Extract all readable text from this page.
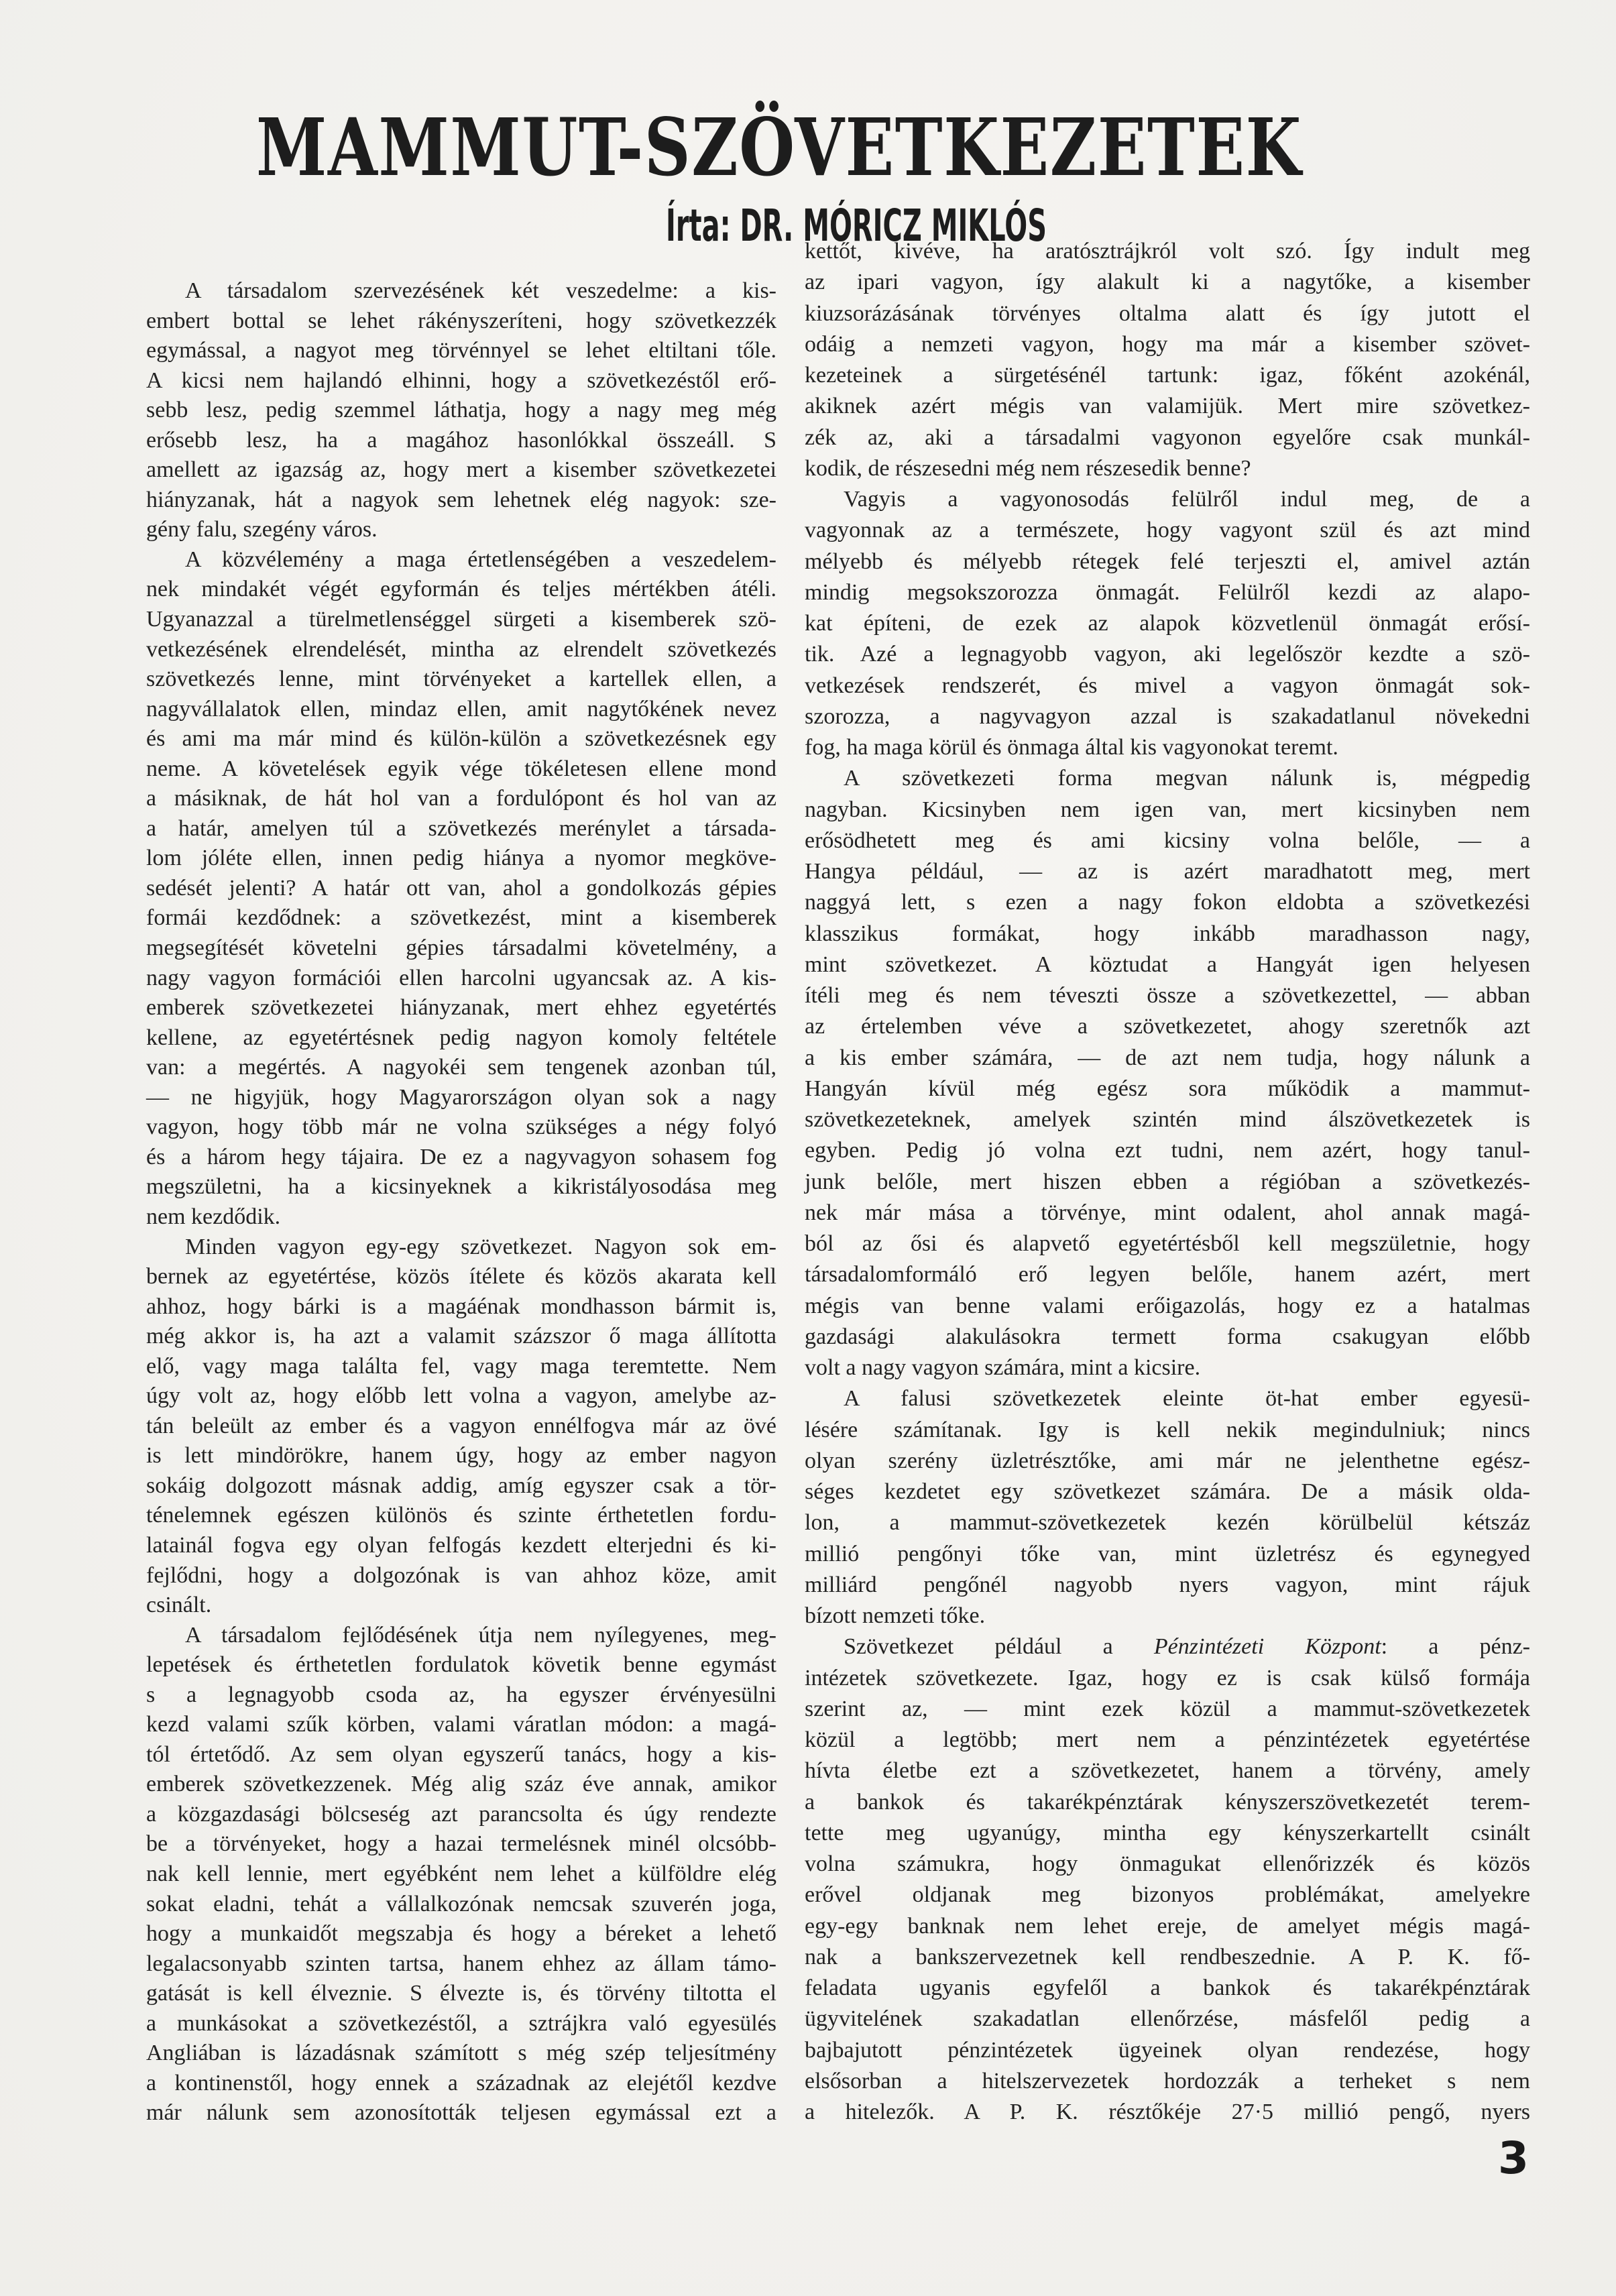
MAMMUT-SZÖVETKEZETEK
Írta: DR. MÓRICZ MIKLÓS
A társadalom szervezésének két veszedelme: a kis-
embert bottal se lehet rákényszeríteni, hogy szövetkezzék
egymással, a nagyot meg törvénnyel se lehet eltiltani tőle.
A kicsi nem hajlandó elhinni, hogy a szövetkezéstől erő-
sebb lesz, pedig szemmel láthatja, hogy a nagy meg még
erősebb lesz, ha a magához hasonlókkal összeáll. S
amellett az igazság az, hogy mert a kisember szövetkezetei
hiányzanak, hát a nagyok sem lehetnek elég nagyok: sze-
gény falu, szegény város.
A közvélemény a maga értetlenségében a veszedelem-
nek mindakét végét egyformán és teljes mértékben átéli.
Ugyanazzal a türelmetlenséggel sürgeti a kisemberek szö-
vetkezésének elrendelését, mintha az elrendelt szövetkezés
szövetkezés lenne, mint törvényeket a kartellek ellen, a
nagyvállalatok ellen, mindaz ellen, amit nagytőkének nevez
és ami ma már mind és külön-külön a szövetkezésnek egy
neme. A követelések egyik vége tökéletesen ellene mond
a másiknak, de hát hol van a fordulópont és hol van az
a határ, amelyen túl a szövetkezés merénylet a társada-
lom jóléte ellen, innen pedig hiánya a nyomor megköve-
sedését jelenti? A határ ott van, ahol a gondolkozás gépies
formái kezdődnek: a szövetkezést, mint a kisemberek
megsegítését követelni gépies társadalmi követelmény, a
nagy vagyon formációi ellen harcolni ugyancsak az. A kis-
emberek szövetkezetei hiányzanak, mert ehhez egyetértés
kellene, az egyetértésnek pedig nagyon komoly feltétele
van: a megértés. A nagyokéi sem tengenek azonban túl,
— ne higyjük, hogy Magyarországon olyan sok a nagy
vagyon, hogy több már ne volna szükséges a négy folyó
és a három hegy tájaira. De ez a nagyvagyon sohasem fog
megszületni, ha a kicsinyeknek a kikristályosodása meg
nem kezdődik.
Minden vagyon egy-egy szövetkezet. Nagyon sok em-
bernek az egyetértése, közös ítélete és közös akarata kell
ahhoz, hogy bárki is a magáénak mondhasson bármit is,
még akkor is, ha azt a valamit százszor ő maga állította
elő, vagy maga találta fel, vagy maga teremtette. Nem
úgy volt az, hogy előbb lett volna a vagyon, amelybe az-
tán beleült az ember és a vagyon ennélfogva már az övé
is lett mindörökre, hanem úgy, hogy az ember nagyon
sokáig dolgozott másnak addig, amíg egyszer csak a tör-
ténelemnek egészen különös és szinte érthetetlen fordu-
latainál fogva egy olyan felfogás kezdett elterjedni és ki-
fejlődni, hogy a dolgozónak is van ahhoz köze, amit
csinált.
A társadalom fejlődésének útja nem nyílegyenes, meg-
lepetések és érthetetlen fordulatok követik benne egymást
s a legnagyobb csoda az, ha egyszer érvényesülni
kezd valami szűk körben, valami váratlan módon: a magá-
tól értetődő. Az sem olyan egyszerű tanács, hogy a kis-
emberek szövetkezzenek. Még alig száz éve annak, amikor
a közgazdasági bölcseség azt parancsolta és úgy rendezte
be a törvényeket, hogy a hazai termelésnek minél olcsóbb-
nak kell lennie, mert egyébként nem lehet a külföldre elég
sokat eladni, tehát a vállalkozónak nemcsak szuverén joga,
hogy a munkaidőt megszabja és hogy a béreket a lehető
legalacsonyabb szinten tartsa, hanem ehhez az állam támo-
gatását is kell élveznie. S élvezte is, és törvény tiltotta el
a munkásokat a szövetkezéstől, a sztrájkra való egyesülés
Angliában is lázadásnak számított s még szép teljesítmény
a kontinenstől, hogy ennek a századnak az elejétől kezdve
már nálunk sem azonosították teljesen egymással ezt a
kettőt, kivéve, ha aratósztrájkról volt szó. Így indult meg
az ipari vagyon, így alakult ki a nagytőke, a kisember
kiuzsorázásának törvényes oltalma alatt és így jutott el
odáig a nemzeti vagyon, hogy ma már a kisember szövet-
kezeteinek a sürgetésénél tartunk: igaz, főként azokénál,
akiknek azért mégis van valamijük. Mert mire szövetkez-
zék az, aki a társadalmi vagyonon egyelőre csak munkál-
kodik, de részesedni még nem részesedik benne?
Vagyis a vagyonosodás felülről indul meg, de a
vagyonnak az a természete, hogy vagyont szül és azt mind
mélyebb és mélyebb rétegek felé terjeszti el, amivel aztán
mindig megsokszorozza önmagát. Felülről kezdi az alapo-
kat építeni, de ezek az alapok közvetlenül önmagát erősí-
tik. Azé a legnagyobb vagyon, aki legelőször kezdte a szö-
vetkezések rendszerét, és mivel a vagyon önmagát sok-
szorozza, a nagyvagyon azzal is szakadatlanul növekedni
fog, ha maga körül és önmaga által kis vagyonokat teremt.
A szövetkezeti forma megvan nálunk is, mégpedig
nagyban. Kicsinyben nem igen van, mert kicsinyben nem
erősödhetett meg és ami kicsiny volna belőle, — a
Hangya például, — az is azért maradhatott meg, mert
naggyá lett, s ezen a nagy fokon eldobta a szövetkezési
klasszikus formákat, hogy inkább maradhasson nagy,
mint szövetkezet. A köztudat a Hangyát igen helyesen
ítéli meg és nem téveszti össze a szövetkezettel, — abban
az értelemben véve a szövetkezetet, ahogy szeretnők azt
a kis ember számára, — de azt nem tudja, hogy nálunk a
Hangyán kívül még egész sora működik a mammut-
szövetkezeteknek, amelyek szintén mind álszövetkezetek is
egyben. Pedig jó volna ezt tudni, nem azért, hogy tanul-
junk belőle, mert hiszen ebben a régióban a szövetkezés-
nek már mása a törvénye, mint odalent, ahol annak magá-
ból az ősi és alapvető egyetértésből kell megszületnie, hogy
társadalomformáló erő legyen belőle, hanem azért, mert
mégis van benne valami erőigazolás, hogy ez a hatalmas
gazdasági alakulásokra termett forma csakugyan előbb
volt a nagy vagyon számára, mint a kicsire.
A falusi szövetkezetek eleinte öt-hat ember egyesü-
lésére számítanak. Igy is kell nekik megindulniuk; nincs
olyan szerény üzletrésztőke, ami már ne jelenthetne egész-
séges kezdetet egy szövetkezet számára. De a másik olda-
lon, a mammut-szövetkezetek kezén körülbelül kétszáz
millió pengőnyi tőke van, mint üzletrész és egynegyed
milliárd pengőnél nagyobb nyers vagyon, mint rájuk
bízott nemzeti tőke.
Szövetkezet például a Pénzintézeti Központ: a pénz-
intézetek szövetkezete. Igaz, hogy ez is csak külső formája
szerint az, — mint ezek közül a mammut-szövetkezetek
közül a legtöbb; mert nem a pénzintézetek egyetértése
hívta életbe ezt a szövetkezetet, hanem a törvény, amely
a bankok és takarékpénztárak kényszerszövetkezetét terem-
tette meg ugyanúgy, mintha egy kényszerkartellt csinált
volna számukra, hogy önmagukat ellenőrizzék és közös
erővel oldjanak meg bizonyos problémákat, amelyekre
egy-egy banknak nem lehet ereje, de amelyet mégis magá-
nak a bankszervezetnek kell rendbeszednie. A P. K. fő-
feladata ugyanis egyfelől a bankok és takarékpénztárak
ügyvitelének szakadatlan ellenőrzése, másfelől pedig a
bajbajutott pénzintézetek ügyeinek olyan rendezése, hogy
elsősorban a hitelszervezetek hordozzák a terheket s nem
a hitelezők. A P. K. résztőkéje 27·5 millió pengő, nyers
3
